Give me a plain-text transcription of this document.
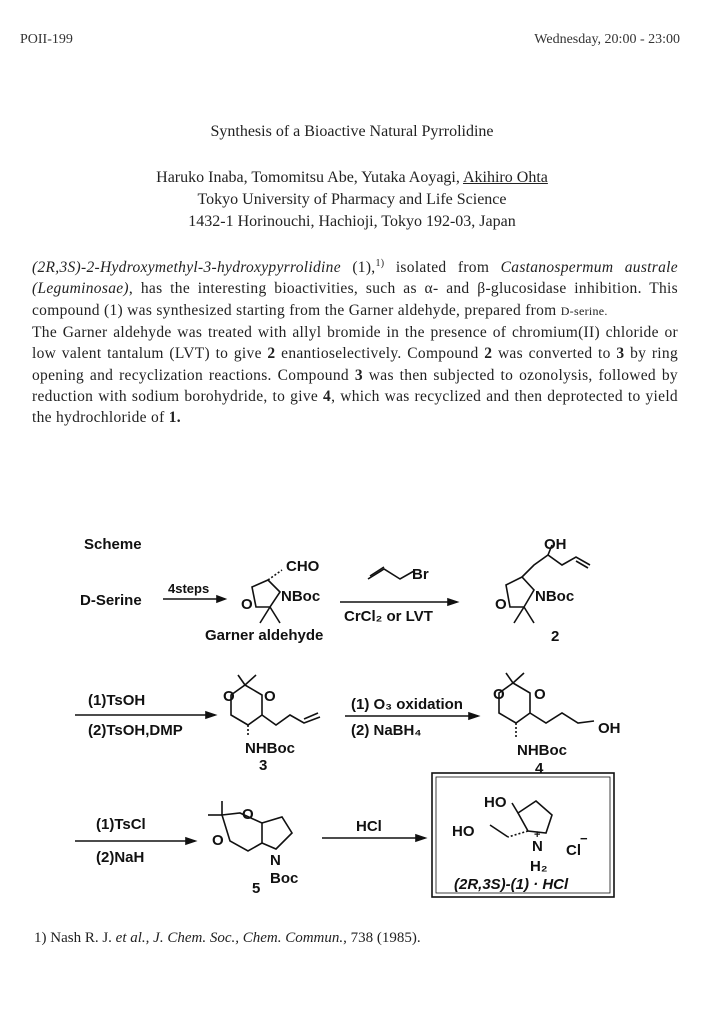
POII-199	Wednesday, 20:00 - 23:00
Synthesis of a Bioactive Natural Pyrrolidine
Haruko Inaba, Tomomitsu Abe, Yutaka Aoyagi, Akihiro Ohta
Tokyo University of Pharmacy and Life Science
1432-1 Horinouchi, Hachioji, Tokyo 192-03, Japan

(2R,3S)-2-Hydroxymethyl-3-hydroxypyrrolidine (1),$^{1)}$ isolated from Castanospermum australe (Leguminosae), has the interesting bioactivities, such as α- and β-glucosidase inhibition. This compound (1) was synthesized starting from the Garner aldehyde, prepared from D-serine.

The Garner aldehyde was treated with allyl bromide in the presence of chromium(II) chloride or low valent tantalum (LVT) to give 2 enantioselectively. Compound 2 was converted to 3 by ring opening and recyclization reactions. Compound 3 was then subjected to ozonolysis, followed by reduction with sodium borohydride, to give 4, which was recyclized and then deprotected to yield the hydrochloride of 1.

Scheme
D-Serine
4steps
CHO
O NBoc
Garner aldehyde
Br
CrCl₂ or LVT
OH
O NBoc
2
(1)TsOH
(2)TsOH,DMP
O O
NHBoc
3
(1) O₃ oxidation
(2) NaBH₄
O O
OH
NHBoc
4
(1)TsCl
(2)NaH
O
O
N
Boc
5
HCl
HO
HO	+
N Cl
−
H₂
(2R,3S)-(1) · HCl
1) Nash R. J. et al., J. Chem. Soc., Chem. Commun., 738 (1985).
